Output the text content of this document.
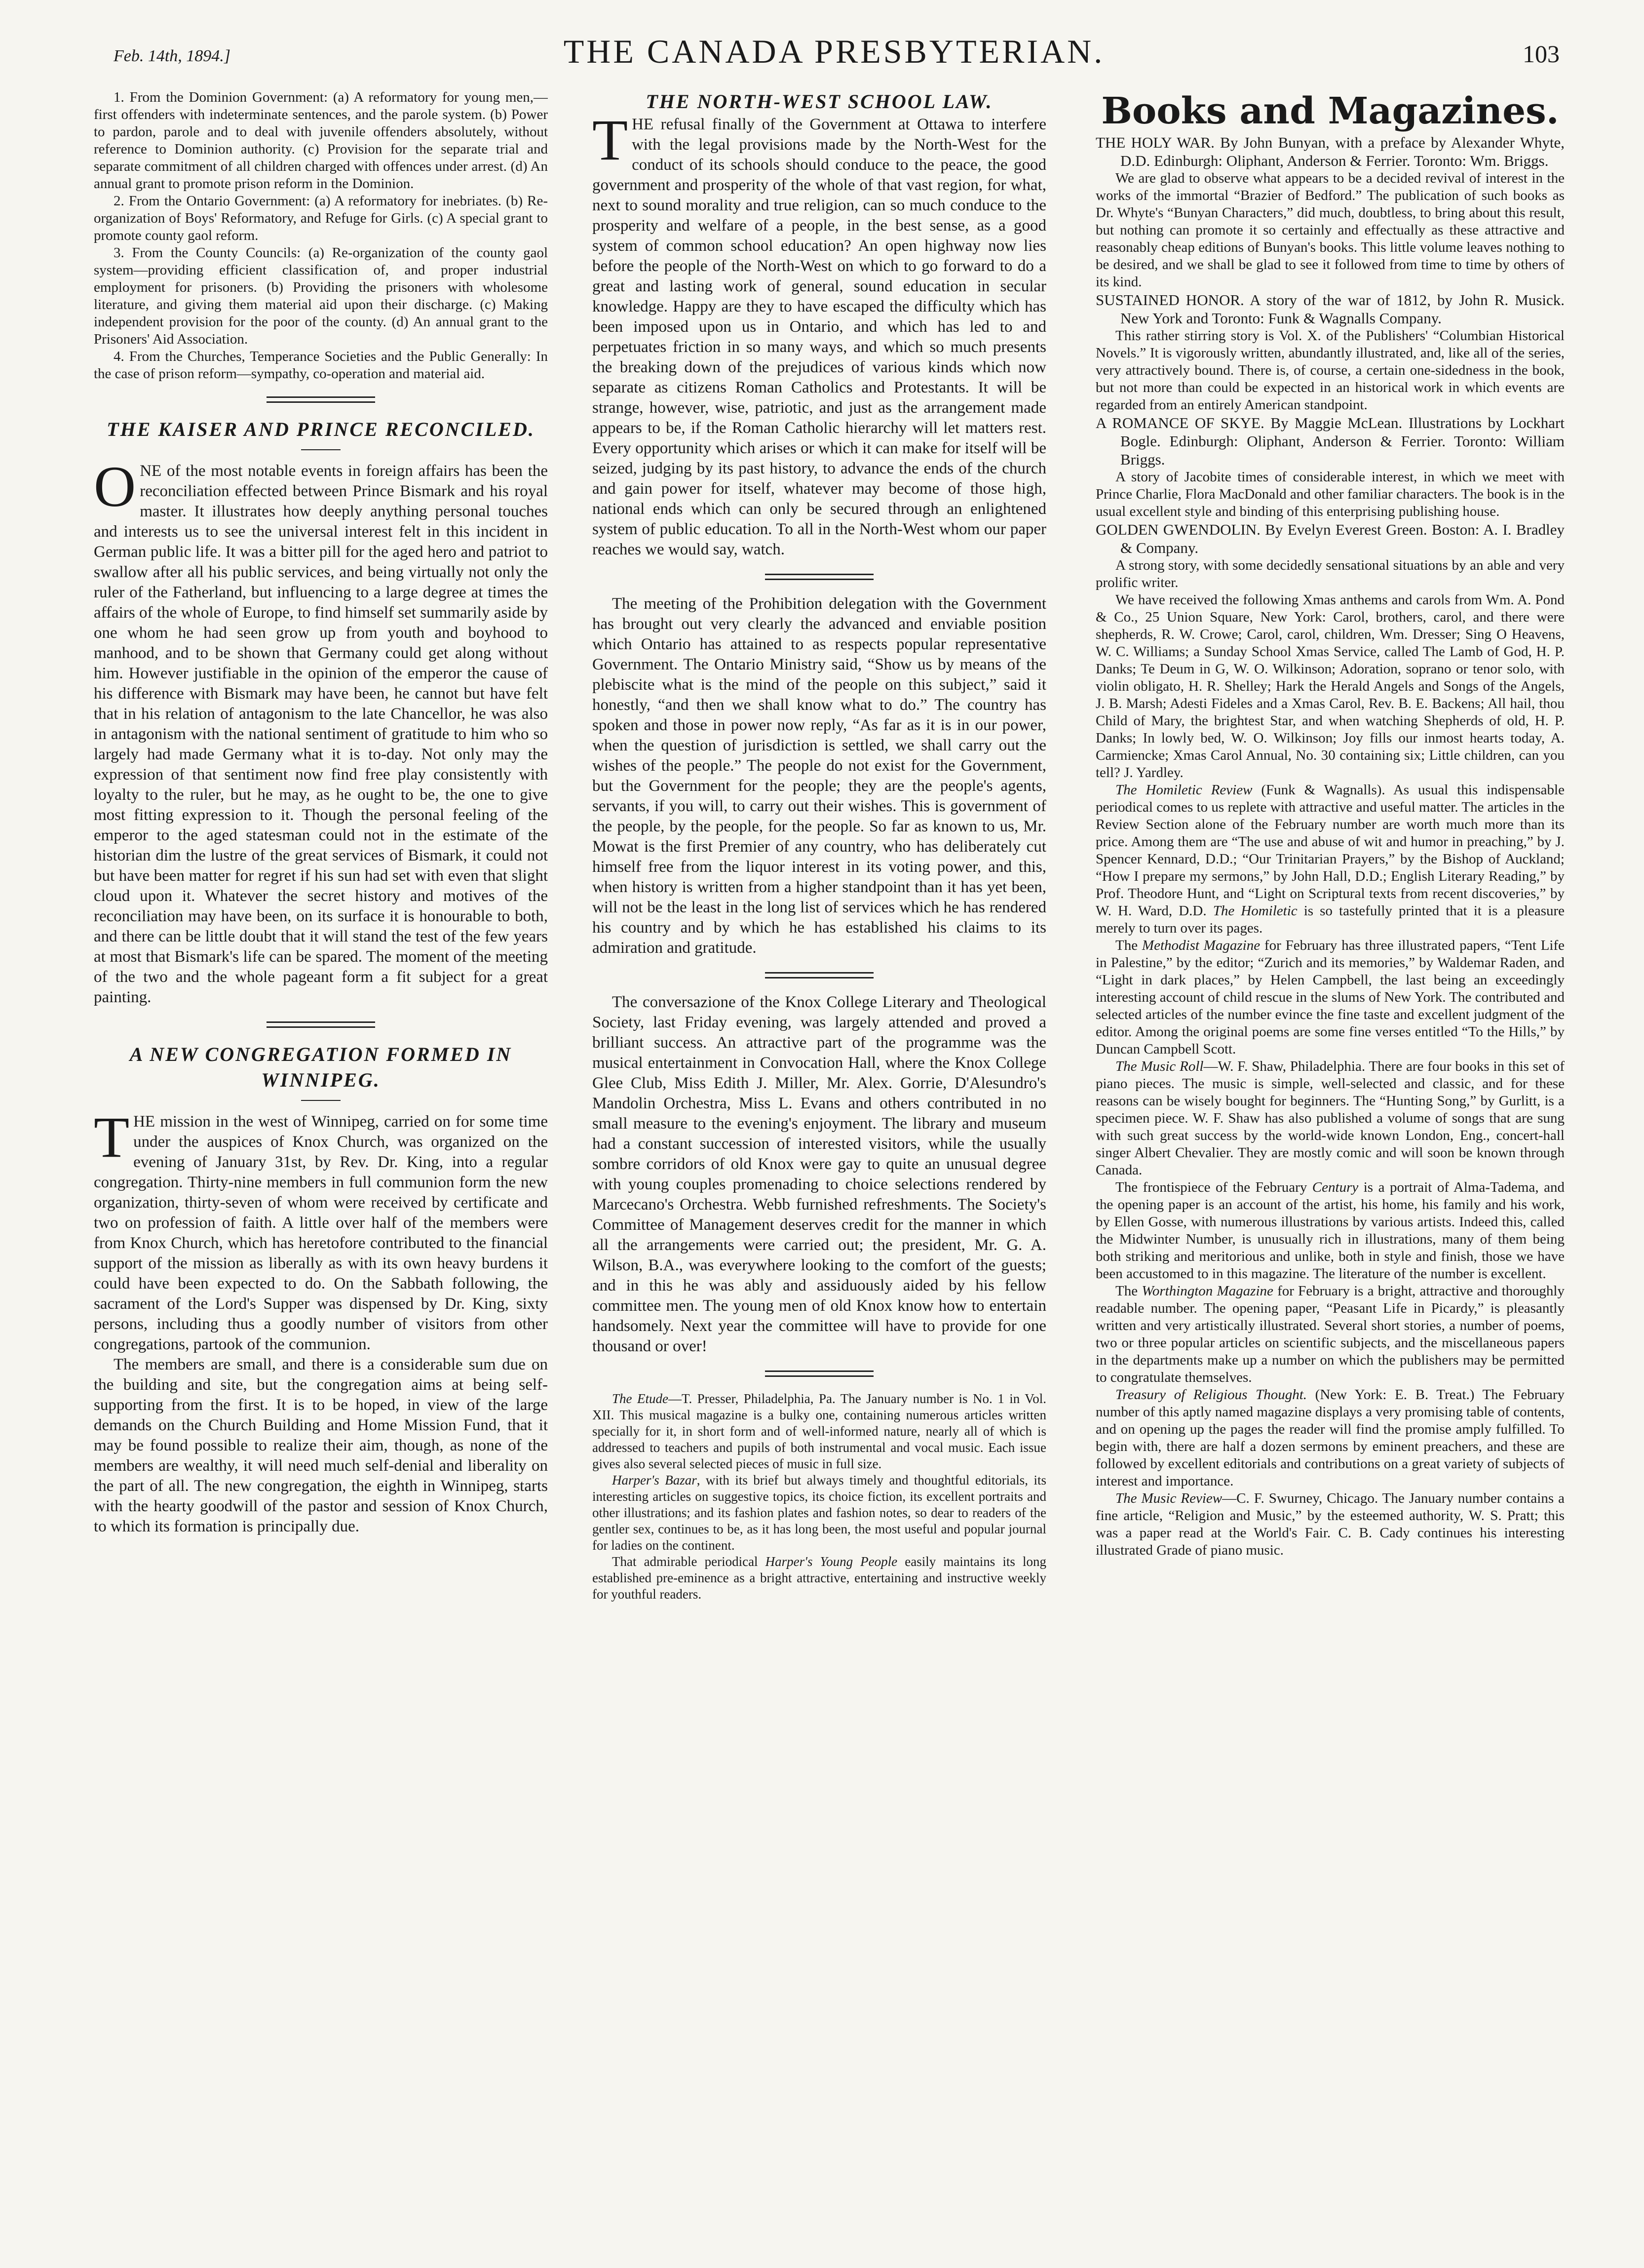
Feb. 14th, 1894.]	THE CANADA PRESBYTERIAN.	103

1. From the Dominion Government: (a) A reformatory for young men,—first offenders with indeterminate sentences, and the parole system. (b) Power to pardon, parole and to deal with juvenile offenders absolutely, without reference to Dominion authority. (c) Provision for the separate trial and separate commitment of all children charged with offences under arrest. (d) An annual grant to promote prison reform in the Dominion.

2. From the Ontario Government: (a) A reformatory for inebriates. (b) Re-organization of Boys' Reformatory, and Refuge for Girls. (c) A special grant to promote county gaol reform.

3. From the County Councils: (a) Re-organization of the county gaol system—providing efficient classification of, and proper industrial employment for prisoners. (b) Providing the prisoners with wholesome literature, and giving them material aid upon their discharge. (c) Making independent provision for the poor of the county. (d) An annual grant to the Prisoners' Aid Association.

4. From the Churches, Temperance Societies and the Public Generally: In the case of prison reform—sympathy, co-operation and material aid.

THE KAISER AND PRINCE RECONCILED.

ONE of the most notable events in foreign affairs has been the reconciliation effected between Prince Bismark and his royal master. It illustrates how deeply anything personal touches and interests us to see the universal interest felt in this incident in German public life. It was a bitter pill for the aged hero and patriot to swallow after all his public services, and being virtually not only the ruler of the Fatherland, but influencing to a large degree at times the affairs of the whole of Europe, to find himself set summarily aside by one whom he had seen grow up from youth and boyhood to manhood, and to be shown that Germany could get along without him. However justifiable in the opinion of the emperor the cause of his difference with Bismark may have been, he cannot but have felt that in his relation of antagonism to the late Chancellor, he was also in antagonism with the national sentiment of gratitude to him who so largely had made Germany what it is to-day. Not only may the expression of that sentiment now find free play consistently with loyalty to the ruler, but he may, as he ought to be, the one to give most fitting expression to it. Though the personal feeling of the emperor to the aged statesman could not in the estimate of the historian dim the lustre of the great services of Bismark, it could not but have been matter for regret if his sun had set with even that slight cloud upon it. Whatever the secret history and motives of the reconciliation may have been, on its surface it is honourable to both, and there can be little doubt that it will stand the test of the few years at most that Bismark's life can be spared. The moment of the meeting of the two and the whole pageant form a fit subject for a great painting.

A NEW CONGREGATION FORMED IN WINNIPEG.

THE mission in the west of Winnipeg, carried on for some time under the auspices of Knox Church, was organized on the evening of January 31st, by Rev. Dr. King, into a regular congregation. Thirty-nine members in full communion form the new organization, thirty-seven of whom were received by certificate and two on profession of faith. A little over half of the members were from Knox Church, which has heretofore contributed to the financial support of the mission as liberally as with its own heavy burdens it could have been expected to do. On the Sabbath following, the sacrament of the Lord's Supper was dispensed by Dr. King, sixty persons, including thus a goodly number of visitors from other congregations, partook of the communion.

The members are small, and there is a considerable sum due on the building and site, but the congregation aims at being self-supporting from the first. It is to be hoped, in view of the large demands on the Church Building and Home Mission Fund, that it may be found possible to realize their aim, though, as none of the members are wealthy, it will need much self-denial and liberality on the part of all. The new congregation, the eighth in Winnipeg, starts with the hearty goodwill of the pastor and session of Knox Church, to which its formation is principally due.

THE NORTH-WEST SCHOOL LAW.

THE refusal finally of the Government at Ottawa to interfere with the legal provisions made by the North-West for the conduct of its schools should conduce to the peace, the good government and prosperity of the whole of that vast region, for what, next to sound morality and true religion, can so much conduce to the prosperity and welfare of a people, in the best sense, as a good system of common school education? An open highway now lies before the people of the North-West on which to go forward to do a great and lasting work of general, sound education in secular knowledge. Happy are they to have escaped the difficulty which has been imposed upon us in Ontario, and which has led to and perpetuates friction in so many ways, and which so much presents the breaking down of the prejudices of various kinds which now separate as citizens Roman Catholics and Protestants. It will be strange, however, wise, patriotic, and just as the arrangement made appears to be, if the Roman Catholic hierarchy will let matters rest. Every opportunity which arises or which it can make for itself will be seized, judging by its past history, to advance the ends of the church and gain power for itself, whatever may become of those high, national ends which can only be secured through an enlightened system of public education. To all in the North-West whom our paper reaches we would say, watch.

The meeting of the Prohibition delegation with the Government has brought out very clearly the advanced and enviable position which Ontario has attained to as respects popular representative Government. The Ontario Ministry said, “Show us by means of the plebiscite what is the mind of the people on this subject,” said it honestly, “and then we shall know what to do.” The country has spoken and those in power now reply, “As far as it is in our power, when the question of jurisdiction is settled, we shall carry out the wishes of the people.” The people do not exist for the Government, but the Government for the people; they are the people's agents, servants, if you will, to carry out their wishes. This is government of the people, by the people, for the people. So far as known to us, Mr. Mowat is the first Premier of any country, who has deliberately cut himself free from the liquor interest in its voting power, and this, when history is written from a higher standpoint than it has yet been, will not be the least in the long list of services which he has rendered his country and by which he has established his claims to its admiration and gratitude.

The conversazione of the Knox College Literary and Theological Society, last Friday evening, was largely attended and proved a brilliant success. An attractive part of the programme was the musical entertainment in Convocation Hall, where the Knox College Glee Club, Miss Edith J. Miller, Mr. Alex. Gorrie, D'Alesundro's Mandolin Orchestra, Miss L. Evans and others contributed in no small measure to the evening's enjoyment. The library and museum had a constant succession of interested visitors, while the usually sombre corridors of old Knox were gay to quite an unusual degree with young couples promenading to choice selections rendered by Marcecano's Orchestra. Webb furnished refreshments. The Society's Committee of Management deserves credit for the manner in which all the arrangements were carried out; the president, Mr. G. A. Wilson, B.A., was everywhere looking to the comfort of the guests; and in this he was ably and assiduously aided by his fellow committee men. The young men of old Knox know how to entertain handsomely. Next year the committee will have to provide for one thousand or over!

The Etude—T. Presser, Philadelphia, Pa. The January number is No. 1 in Vol. XII. This musical magazine is a bulky one, containing numerous articles written specially for it, in short form and of well-informed nature, nearly all of which is addressed to teachers and pupils of both instrumental and vocal music. Each issue gives also several selected pieces of music in full size.

Harper's Bazar, with its brief but always timely and thoughtful editorials, its interesting articles on suggestive topics, its choice fiction, its excellent portraits and other illustrations; and its fashion plates and fashion notes, so dear to readers of the gentler sex, continues to be, as it has long been, the most useful and popular journal for ladies on the continent.

That admirable periodical Harper's Young People easily maintains its long established pre-eminence as a bright attractive, entertaining and instructive weekly for youthful readers.

Books and Magazines.

THE HOLY WAR. By John Bunyan, with a preface by Alexander Whyte, D.D. Edinburgh: Oliphant, Anderson & Ferrier. Toronto: Wm. Briggs.

We are glad to observe what appears to be a decided revival of interest in the works of the immortal “Brazier of Bedford.” The publication of such books as Dr. Whyte's “Bunyan Characters,” did much, doubtless, to bring about this result, but nothing can promote it so certainly and effectually as these attractive and reasonably cheap editions of Bunyan's books. This little volume leaves nothing to be desired, and we shall be glad to see it followed from time to time by others of its kind.

SUSTAINED HONOR. A story of the war of 1812, by John R. Musick. New York and Toronto: Funk & Wagnalls Company.

This rather stirring story is Vol. X. of the Publishers' “Columbian Historical Novels.” It is vigorously written, abundantly illustrated, and, like all of the series, very attractively bound. There is, of course, a certain one-sidedness in the book, but not more than could be expected in an historical work in which events are regarded from an entirely American standpoint.

A ROMANCE OF SKYE. By Maggie McLean. Illustrations by Lockhart Bogle. Edinburgh: Oliphant, Anderson & Ferrier. Toronto: William Briggs.

A story of Jacobite times of considerable interest, in which we meet with Prince Charlie, Flora MacDonald and other familiar characters. The book is in the usual excellent style and binding of this enterprising publishing house.

GOLDEN GWENDOLIN. By Evelyn Everest Green. Boston: A. I. Bradley & Company.

A strong story, with some decidedly sensational situations by an able and very prolific writer.

We have received the following Xmas anthems and carols from Wm. A. Pond & Co., 25 Union Square, New York: Carol, brothers, carol, and there were shepherds, R. W. Crowe; Carol, carol, children, Wm. Dresser; Sing O Heavens, W. C. Williams; a Sunday School Xmas Service, called The Lamb of God, H. P. Danks; Te Deum in G, W. O. Wilkinson; Adoration, soprano or tenor solo, with violin obligato, H. R. Shelley; Hark the Herald Angels and Songs of the Angels, J. B. Marsh; Adesti Fideles and a Xmas Carol, Rev. B. E. Backens; All hail, thou Child of Mary, the brightest Star, and when watching Shepherds of old, H. P. Danks; In lowly bed, W. O. Wilkinson; Joy fills our inmost hearts today, A. Carmiencke; Xmas Carol Annual, No. 30 containing six; Little children, can you tell? J. Yardley.

The Homiletic Review (Funk & Wagnalls). As usual this indispensable periodical comes to us replete with attractive and useful matter. The articles in the Review Section alone of the February number are worth much more than its price. Among them are “The use and abuse of wit and humor in preaching,” by J. Spencer Kennard, D.D.; “Our Trinitarian Prayers,” by the Bishop of Auckland; “How I prepare my sermons,” by John Hall, D.D.; English Literary Reading,” by Prof. Theodore Hunt, and “Light on Scriptural texts from recent discoveries,” by W. H. Ward, D.D. The Homiletic is so tastefully printed that it is a pleasure merely to turn over its pages.

The Methodist Magazine for February has three illustrated papers, “Tent Life in Palestine,” by the editor; “Zurich and its memories,” by Waldemar Raden, and “Light in dark places,” by Helen Campbell, the last being an exceedingly interesting account of child rescue in the slums of New York. The contributed and selected articles of the number evince the fine taste and excellent judgment of the editor. Among the original poems are some fine verses entitled “To the Hills,” by Duncan Campbell Scott.

The Music Roll—W. F. Shaw, Philadelphia. There are four books in this set of piano pieces. The music is simple, well-selected and classic, and for these reasons can be wisely bought for beginners. The “Hunting Song,” by Gurlitt, is a specimen piece. W. F. Shaw has also published a volume of songs that are sung with such great success by the world-wide known London, Eng., concert-hall singer Albert Chevalier. They are mostly comic and will soon be known through Canada.

The frontispiece of the February Century is a portrait of Alma-Tadema, and the opening paper is an account of the artist, his home, his family and his work, by Ellen Gosse, with numerous illustrations by various artists. Indeed this, called the Midwinter Number, is unusually rich in illustrations, many of them being both striking and meritorious and unlike, both in style and finish, those we have been accustomed to in this magazine. The literature of the number is excellent.

The Worthington Magazine for February is a bright, attractive and thoroughly readable number. The opening paper, “Peasant Life in Picardy,” is pleasantly written and very artistically illustrated. Several short stories, a number of poems, two or three popular articles on scientific subjects, and the miscellaneous papers in the departments make up a number on which the publishers may be permitted to congratulate themselves.

Treasury of Religious Thought. (New York: E. B. Treat.) The February number of this aptly named magazine displays a very promising table of contents, and on opening up the pages the reader will find the promise amply fulfilled. To begin with, there are half a dozen sermons by eminent preachers, and these are followed by excellent editorials and contributions on a great variety of subjects of interest and importance.

The Music Review—C. F. Swurney, Chicago. The January number contains a fine article, “Religion and Music,” by the esteemed authority, W. S. Pratt; this was a paper read at the World's Fair. C. B. Cady continues his interesting illustrated Grade of piano music.
